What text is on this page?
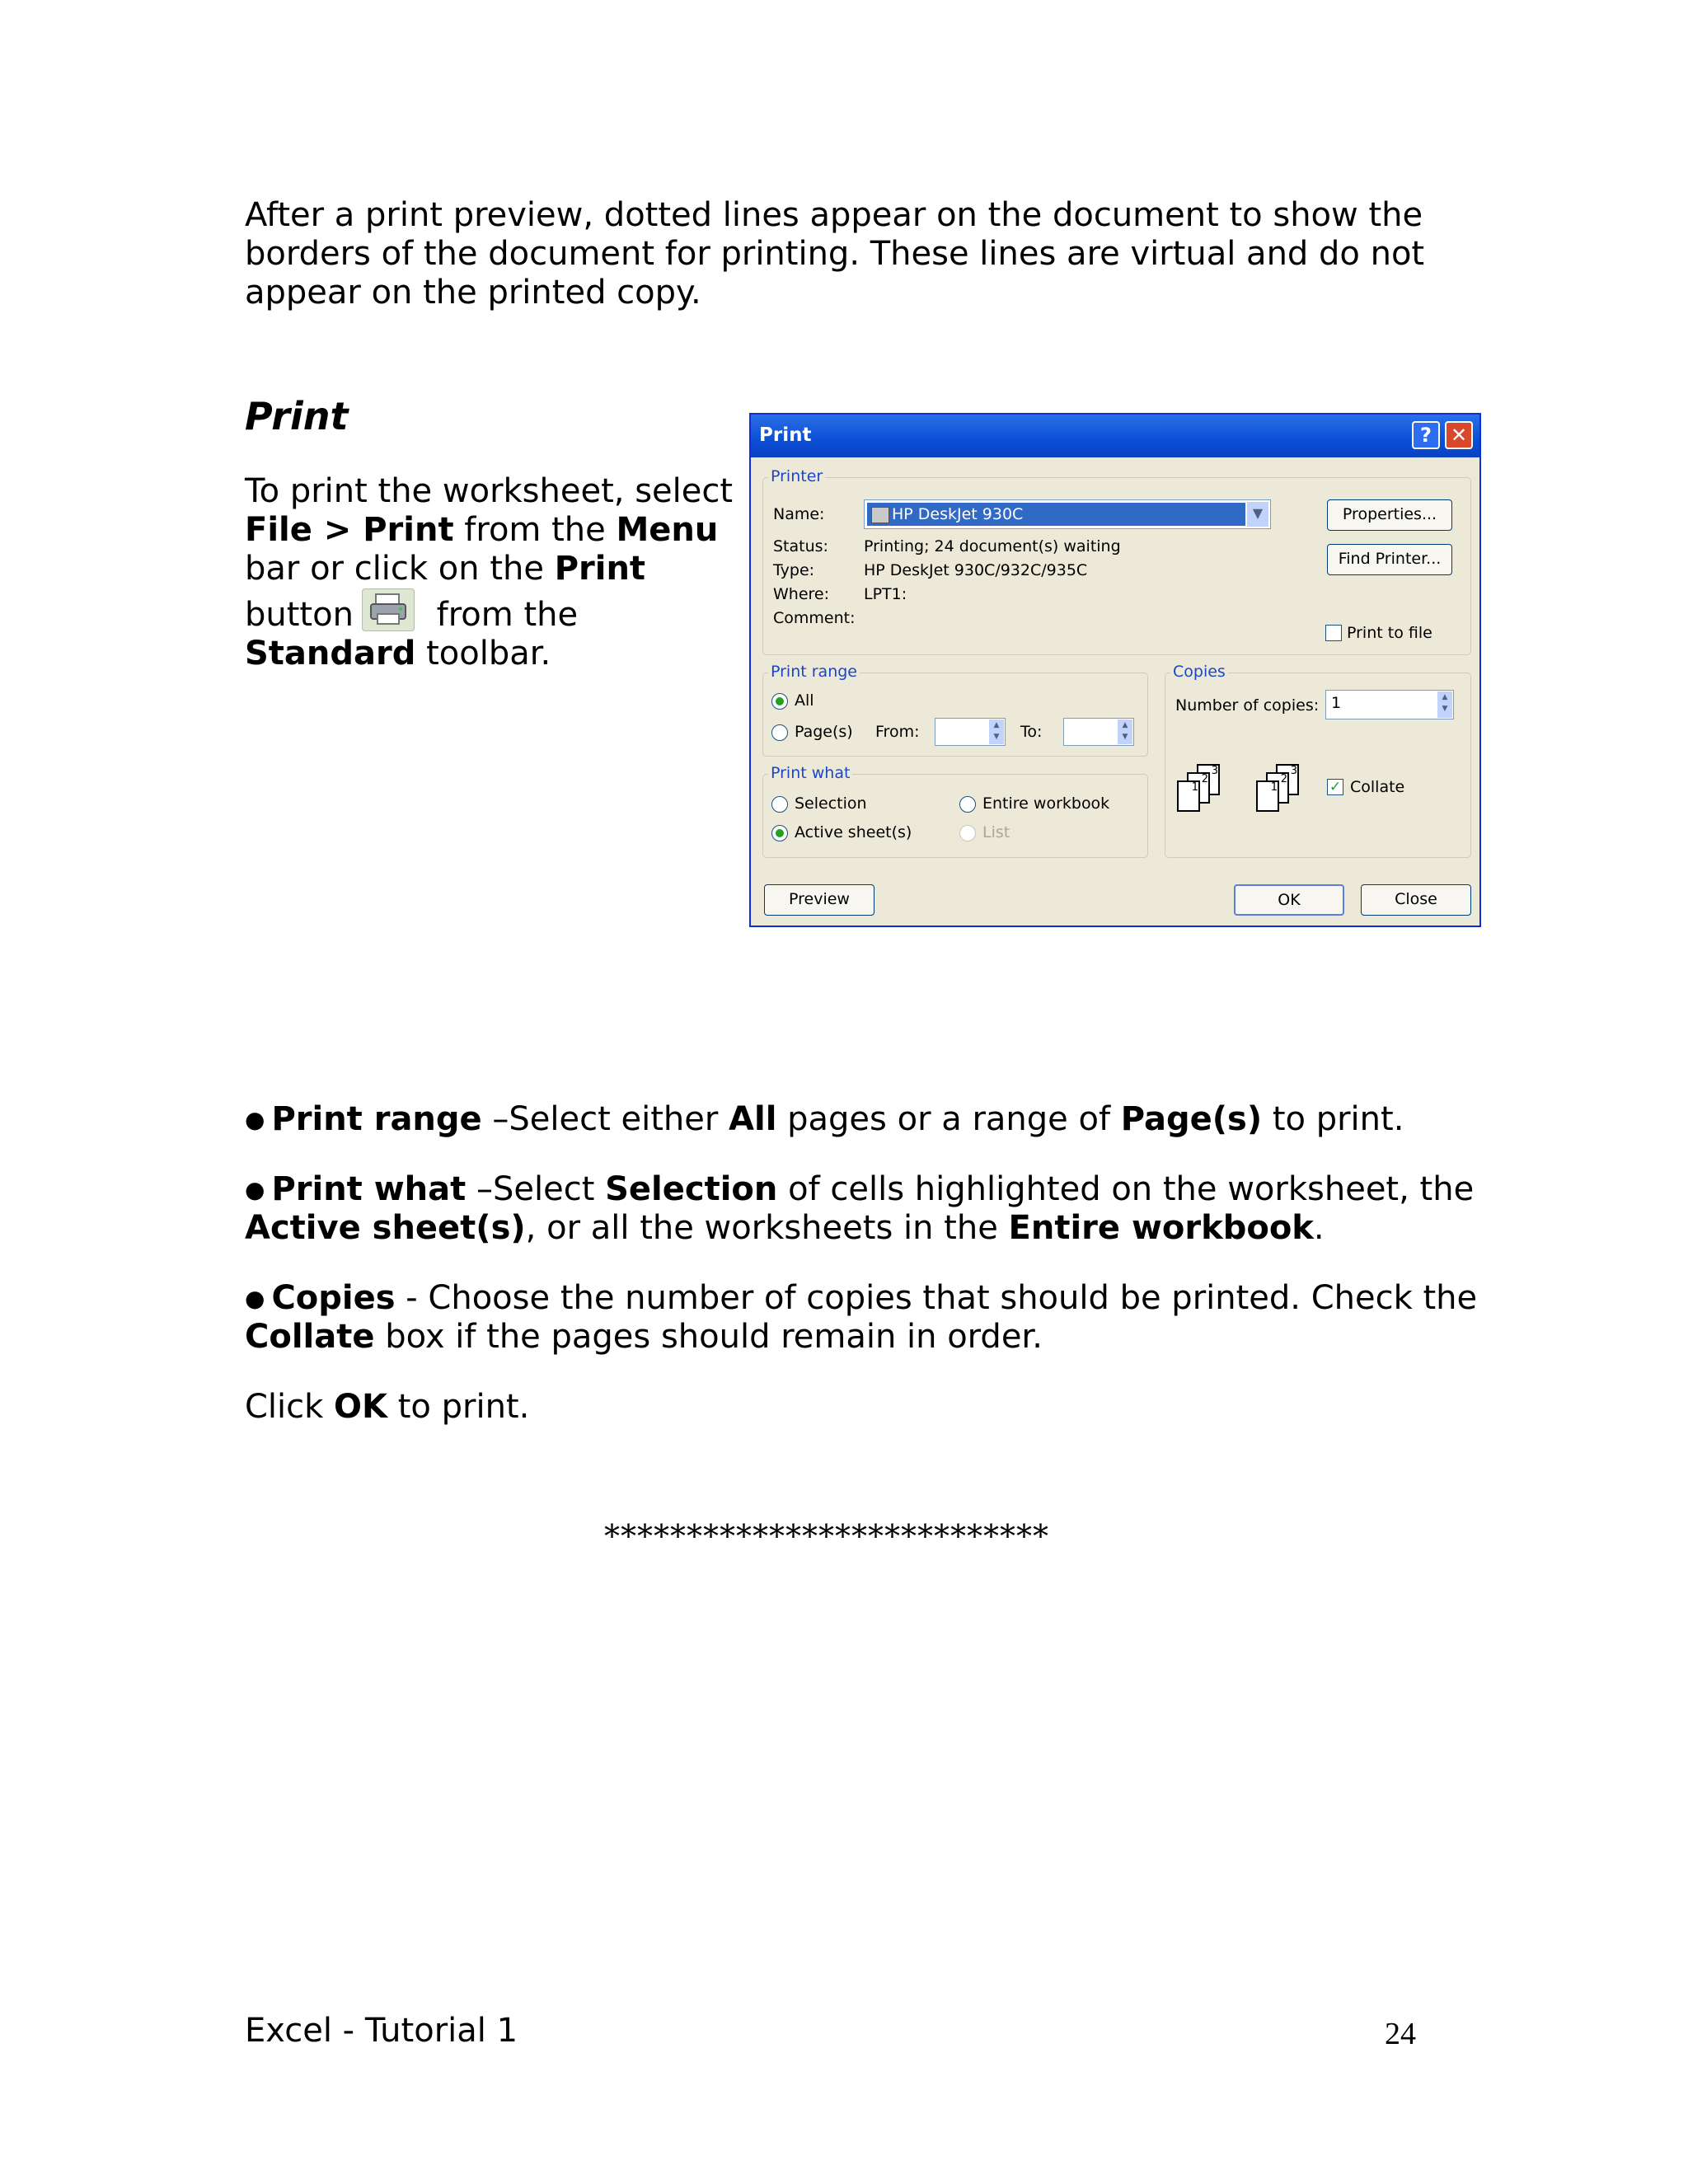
After a print preview, dotted lines appear on the document to show the borders of the document for printing. These lines are virtual and do not appear on the printed copy.
Print
To print the worksheet, select File > Print from the Menu bar or click on the Print button from the
Standard toolbar.
Print	? ✕
Printer
Name:	HP DeskJet 930C	▼
Status: Printing; 24 document(s) waiting
Type:	HP DeskJet 930C/932C/935C
Where: LPT1:
Comment:
Properties...
Find Printer...
Print to file
Print range
All
Page(s) From:	▲
▼ To:	▲
▼
Print what
Selection	Entire workbook
Active sheet(s)	List
Copies
Number of copies: 1	▲
▼
3
2
1
3
2
1	✓ Collate
Preview	OK	Close

● Print range –Select either All pages or a range of Page(s) to print.

● Print what –Select Selection of cells highlighted on the worksheet, the Active sheet(s), or all the worksheets in the Entire workbook.

● Copies - Choose the number of copies that should be printed. Check the Collate box if the pages should remain in order.

Click OK to print.

***************************
Excel - Tutorial 1	24
